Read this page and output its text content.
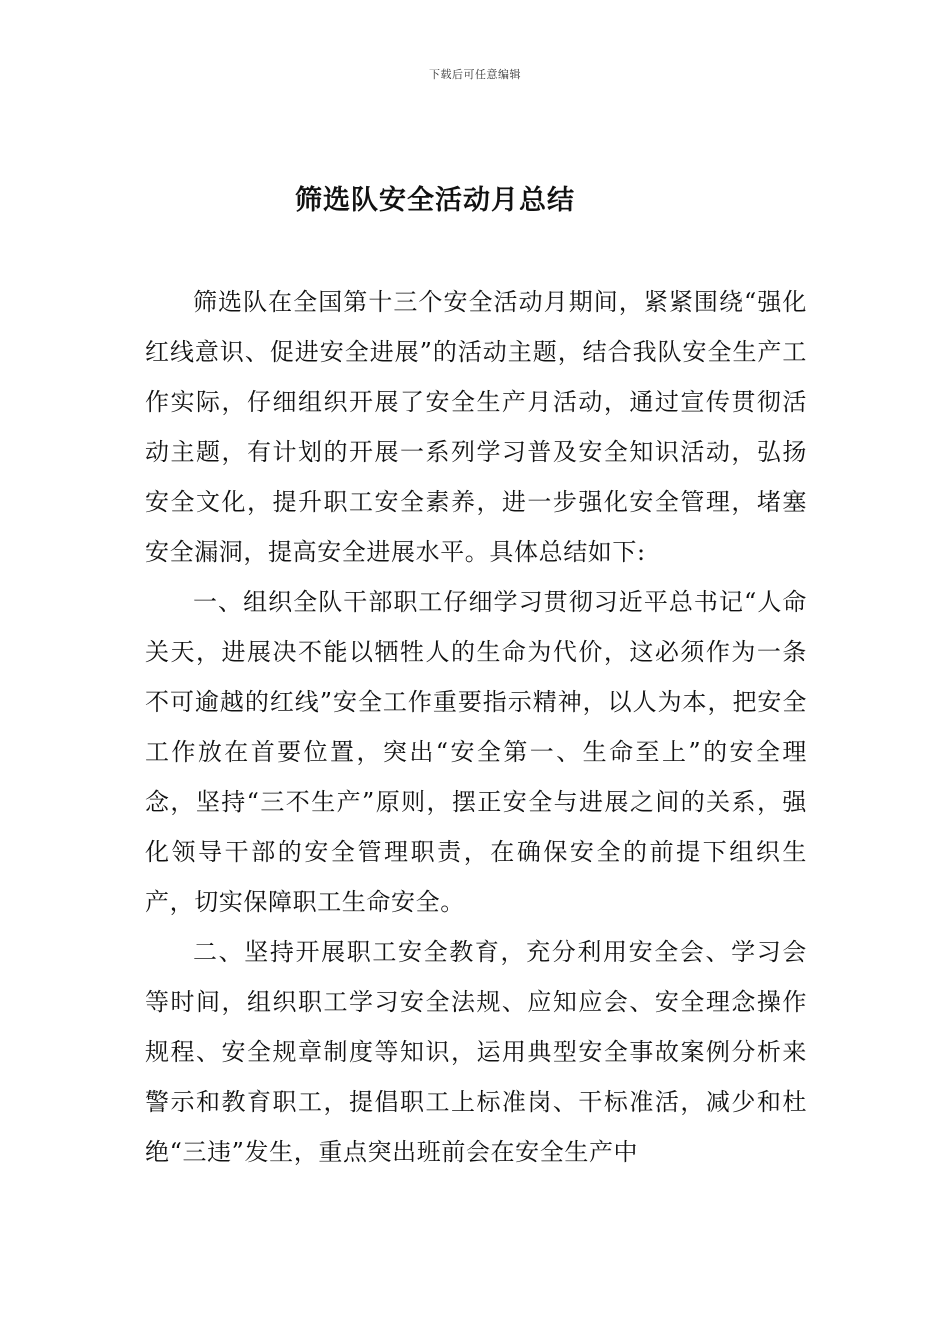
下载后可任意编辑
筛选队安全活动月总结

筛选队在全国第十三个安全活动月期间，紧紧围绕“强化红线意识、促进安全进展”的活动主题，结合我队安全生产工作实际，仔细组织开展了安全生产月活动，通过宣传贯彻活动主题，有计划的开展一系列学习普及安全知识活动，弘扬安全文化，提升职工安全素养，进一步强化安全管理，堵塞安全漏洞，提高安全进展水平。具体总结如下:

一、组织全队干部职工仔细学习贯彻习近平总书记“人命关天，进展决不能以牺牲人的生命为代价，这必须作为一条不可逾越的红线”安全工作重要指示精神，以人为本，把安全工作放在首要位置，突出“安全第一、生命至上”的安全理念，坚持“三不生产”原则，摆正安全与进展之间的关系，强化领导干部的安全管理职责，在确保安全的前提下组织生产，切实保障职工生命安全。

二、坚持开展职工安全教育，充分利用安全会、学习会等时间，组织职工学习安全法规、应知应会、安全理念操作规程、安全规章制度等知识，运用典型安全事故案例分析来警示和教育职工，提倡职工上标准岗、干标准活，减少和杜绝“三违”发生，重点突出班前会在安全生产中
